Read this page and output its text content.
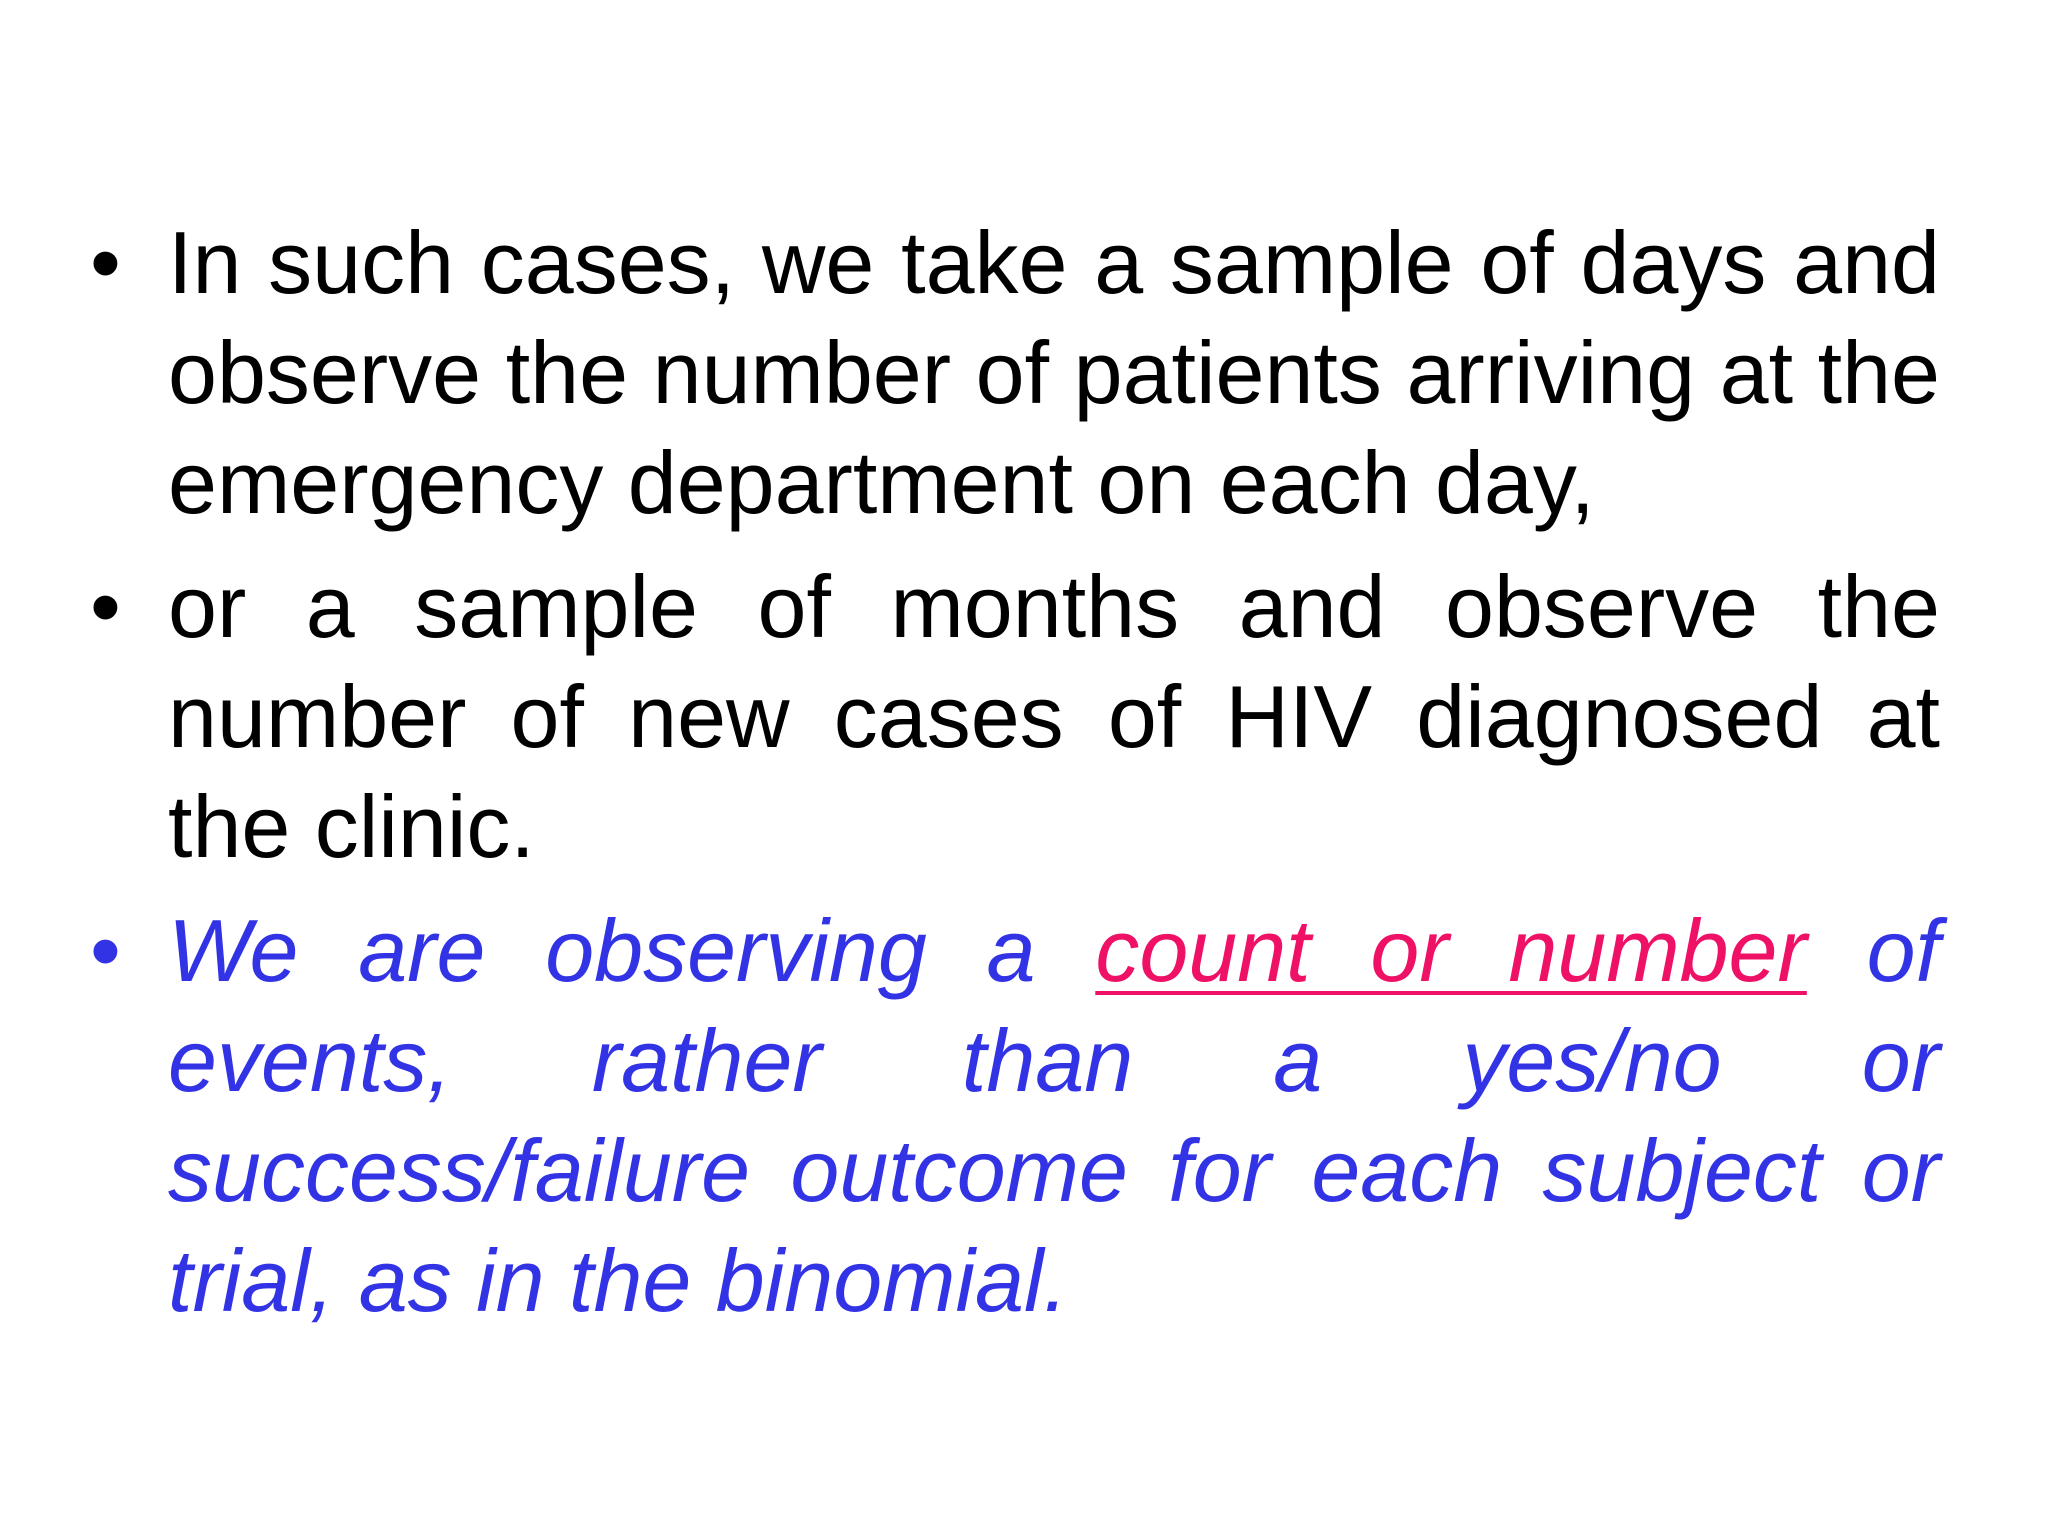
• In such cases, we take a sample of days and observe the number of patients arriving at the emergency department on each day,
• or a sample of months and observe the number of new cases of HIV diagnosed at the clinic.
• We are observing a count or number of events, rather than a yes/no or success/failure outcome for each subject or trial, as in the binomial.
